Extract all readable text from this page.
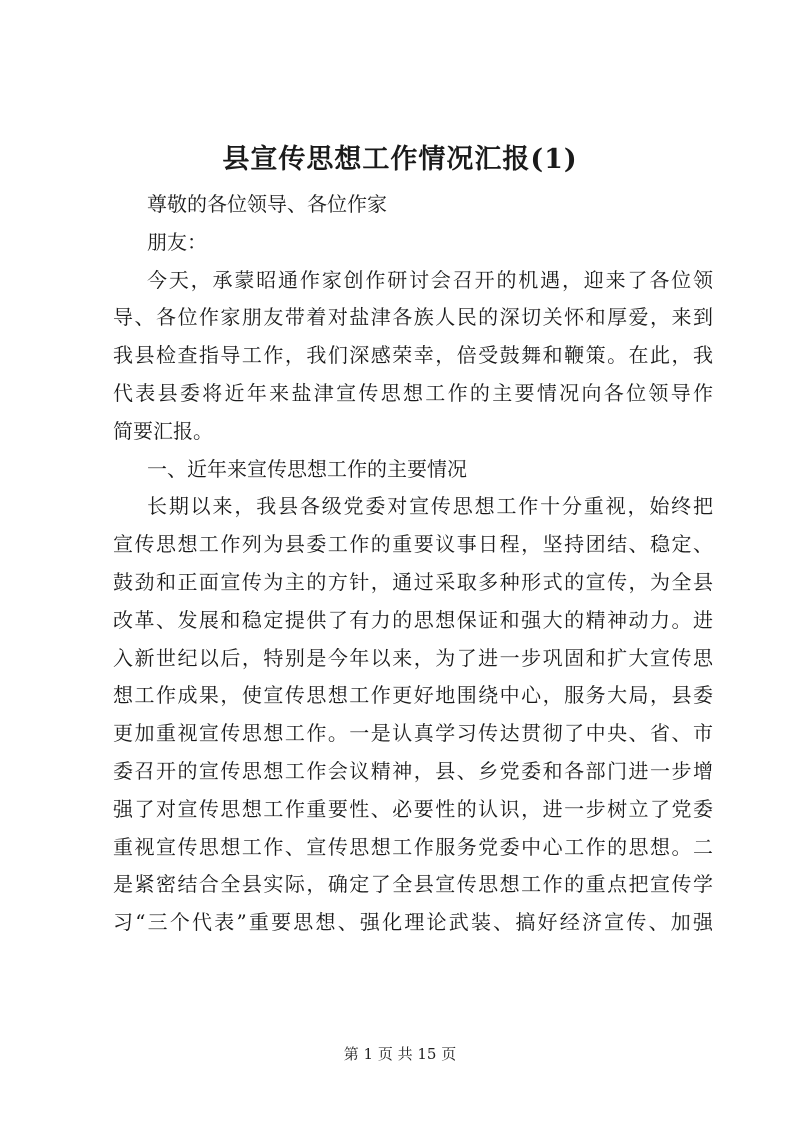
县宣传思想工作情况汇报(1)
尊敬的各位领导、各位作家
朋友：
今天，承蒙昭通作家创作研讨会召开的机遇，迎来了各位领
导、各位作家朋友带着对盐津各族人民的深切关怀和厚爱，来到
我县检查指导工作，我们深感荣幸，倍受鼓舞和鞭策。在此，我
代表县委将近年来盐津宣传思想工作的主要情况向各位领导作
简要汇报。
一、近年来宣传思想工作的主要情况
长期以来，我县各级党委对宣传思想工作十分重视，始终把
宣传思想工作列为县委工作的重要议事日程，坚持团结、稳定、
鼓劲和正面宣传为主的方针，通过采取多种形式的宣传，为全县
改革、发展和稳定提供了有力的思想保证和强大的精神动力。进
入新世纪以后，特别是今年以来，为了进一步巩固和扩大宣传思
想工作成果，使宣传思想工作更好地围绕中心，服务大局，县委
更加重视宣传思想工作。一是认真学习传达贯彻了中央、省、市
委召开的宣传思想工作会议精神，县、乡党委和各部门进一步增
强了对宣传思想工作重要性、必要性的认识，进一步树立了党委
重视宣传思想工作、宣传思想工作服务党委中心工作的思想。二
是紧密结合全县实际，确定了全县宣传思想工作的重点把宣传学
习“三个代表”重要思想、强化理论武装、搞好经济宣传、加强
第 1 页 共 15 页
